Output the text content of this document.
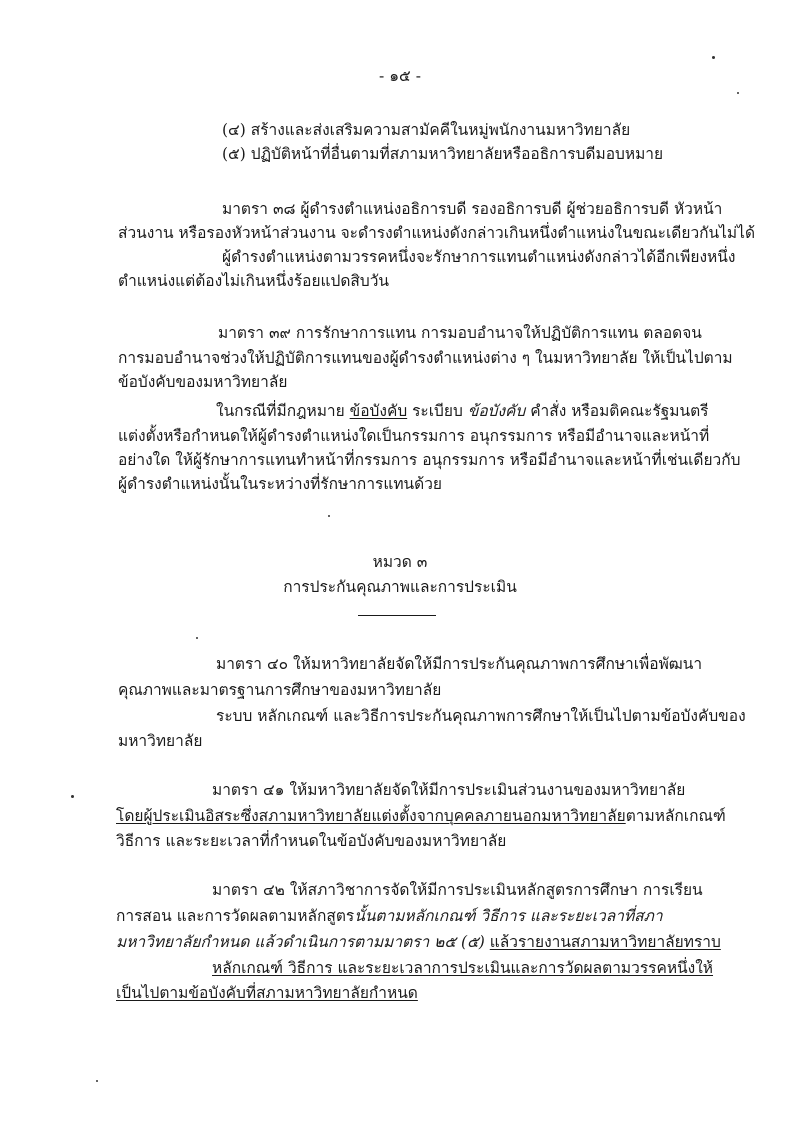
- ๑๕ -
(๔) สร้างและส่งเสริมความสามัคคีในหมู่พนักงานมหาวิทยาลัย
(๕) ปฏิบัติหน้าที่อื่นตามที่สภามหาวิทยาลัยหรืออธิการบดีมอบหมาย
มาตรา ๓๘ ผู้ดำรงตำแหน่งอธิการบดี รองอธิการบดี ผู้ช่วยอธิการบดี หัวหน้า
ส่วนงาน หรือรองหัวหน้าส่วนงาน จะดำรงตำแหน่งดังกล่าวเกินหนึ่งตำแหน่งในขณะเดียวกันไม่ได้
ผู้ดำรงตำแหน่งตามวรรคหนึ่งจะรักษาการแทนตำแหน่งดังกล่าวได้อีกเพียงหนึ่ง
ตำแหน่งแต่ต้องไม่เกินหนึ่งร้อยแปดสิบวัน
มาตรา ๓๙ การรักษาการแทน การมอบอำนาจให้ปฏิบัติการแทน ตลอดจน
การมอบอำนาจช่วงให้ปฏิบัติการแทนของผู้ดำรงตำแหน่งต่าง ๆ ในมหาวิทยาลัย ให้เป็นไปตาม
ข้อบังคับของมหาวิทยาลัย
ในกรณีที่มีกฎหมาย ข้อบังคับ ระเบียบ ข้อบังคับ คำสั่ง หรือมติคณะรัฐมนตรี
แต่งตั้งหรือกำหนดให้ผู้ดำรงตำแหน่งใดเป็นกรรมการ อนุกรรมการ หรือมีอำนาจและหน้าที่
อย่างใด ให้ผู้รักษาการแทนทำหน้าที่กรรมการ อนุกรรมการ หรือมีอำนาจและหน้าที่เช่นเดียวกับ
ผู้ดำรงตำแหน่งนั้นในระหว่างที่รักษาการแทนด้วย
หมวด ๓
การประกันคุณภาพและการประเมิน
มาตรา ๔๐ ให้มหาวิทยาลัยจัดให้มีการประกันคุณภาพการศึกษาเพื่อพัฒนา
คุณภาพและมาตรฐานการศึกษาของมหาวิทยาลัย
ระบบ หลักเกณฑ์ และวิธีการประกันคุณภาพการศึกษาให้เป็นไปตามข้อบังคับของ
มหาวิทยาลัย
มาตรา ๔๑ ให้มหาวิทยาลัยจัดให้มีการประเมินส่วนงานของมหาวิทยาลัย
โดยผู้ประเมินอิสระซึ่งสภามหาวิทยาลัยแต่งตั้งจากบุคคลภายนอกมหาวิทยาลัยตามหลักเกณฑ์
วิธีการ และระยะเวลาที่กำหนดในข้อบังคับของมหาวิทยาลัย
มาตรา ๔๒ ให้สภาวิชาการจัดให้มีการประเมินหลักสูตรการศึกษา การเรียน
การสอน และการวัดผลตามหลักสูตรนั้นตามหลักเกณฑ์ วิธีการ และระยะเวลาที่สภา
มหาวิทยาลัยกำหนด แล้วดำเนินการตามมาตรา ๒๕ (๕) แล้วรายงานสภามหาวิทยาลัยทราบ
หลักเกณฑ์ วิธีการ และระยะเวลาการประเมินและการวัดผลตามวรรคหนึ่งให้
เป็นไปตามข้อบังคับที่สภามหาวิทยาลัยกำหนด
